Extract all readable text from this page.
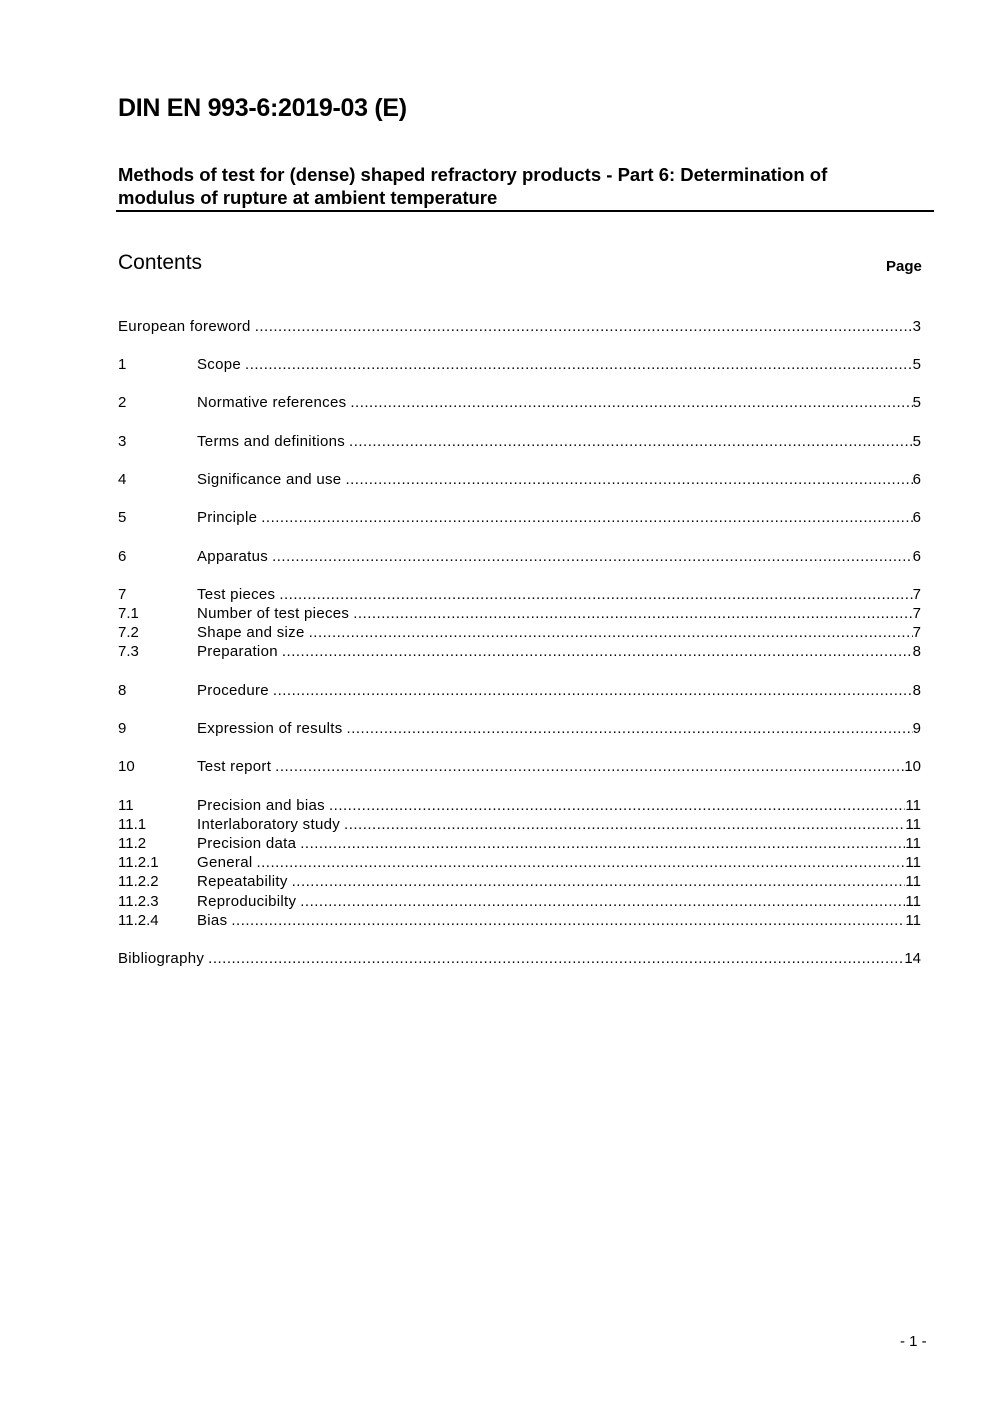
DIN EN 993-6:2019-03 (E)
Methods of test for (dense) shaped refractory products - Part 6: Determination of
modulus of rupture at ambient temperature
Contents	Page
European foreword .....	3
1	Scope .....	5
2	Normative references .....	5
3	Terms and definitions .....	5
4	Significance and use .....	6
5	Principle .....	6
6	Apparatus .....	6
7	Test pieces .....	7
7.1	Number of test pieces .....	7
7.2	Shape and size .....	7
7.3	Preparation .....	8
8	Procedure .....	8
9	Expression of results .....	9
10	Test report .....	10
11	Precision and bias .....	11
11.1	Interlaboratory study .....	11
11.2	Precision data .....	11
11.2.1	General .....	11
11.2.2	Repeatability .....	11
11.2.3	Reproducibilty .....	11
11.2.4	Bias .....	11
Bibliography .....	14
- 1 -
